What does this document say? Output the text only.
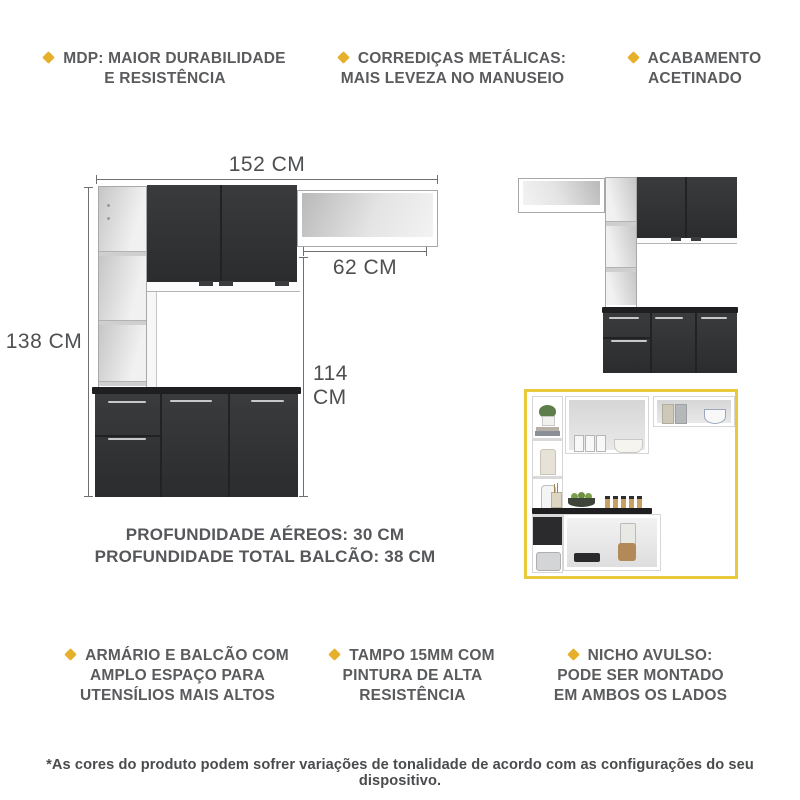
MDP: MAIOR DURABILIDADE
E RESISTÊNCIA
CORREDIÇAS METÁLICAS:
MAIS LEVEZA NO MANUSEIO
ACABAMENTO
ACETINADO
152 CM
138 CM
62 CM
114 CM
PROFUNDIDADE AÉREOS: 30 CM
PROFUNDIDADE TOTAL BALCÃO: 38 CM
ARMÁRIO E BALCÃO COM
AMPLO ESPAÇO PARA
UTENSÍLIOS MAIS ALTOS
TAMPO 15MM COM
PINTURA DE ALTA
RESISTÊNCIA
NICHO AVULSO:
PODE SER MONTADO
EM AMBOS OS LADOS
*As cores do produto podem sofrer variações de tonalidade de acordo com as configurações do seu dispositivo.
